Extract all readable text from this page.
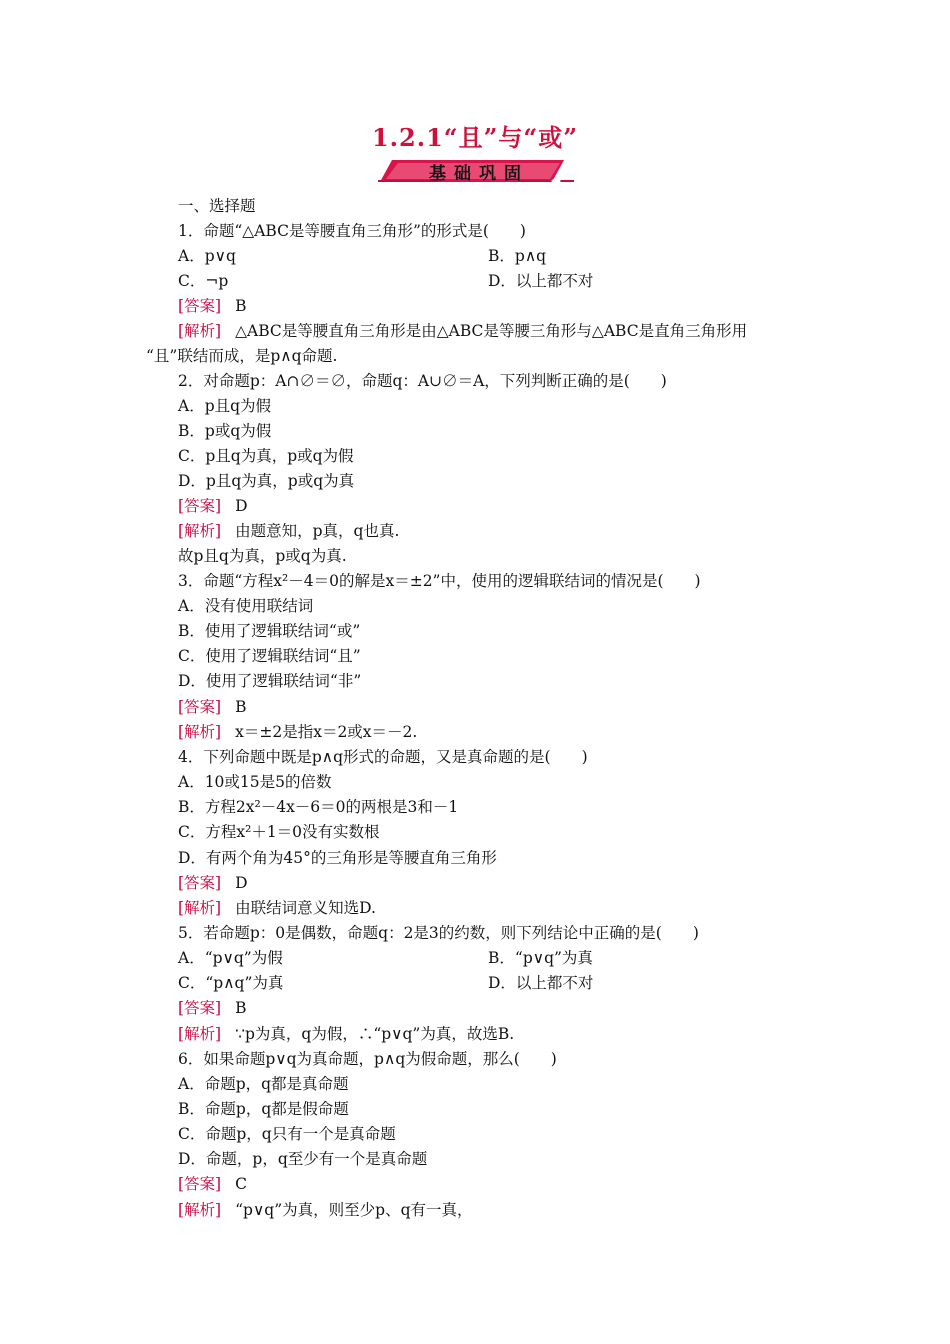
1.2.1“且”与“或”
基础巩固
一、选择题
1．命题“△ABC是等腰直角三角形”的形式是(　　)
A．p∨q	B．p∧q
C．¬p	D．以上都不对
[答案] B
[解析] △ABC是等腰直角三角形是由△ABC是等腰三角形与△ABC是直角三角形用
“且”联结而成，是p∧q命题.
2．对命题p：A∩∅＝∅，命题q：A∪∅＝A，下列判断正确的是(　　)
A．p且q为假
B．p或q为假
C．p且q为真，p或q为假
D．p且q为真，p或q为真
[答案] D
[解析] 由题意知，p真，q也真.
故p且q为真，p或q为真.
3．命题“方程x²－4＝0的解是x＝±2”中，使用的逻辑联结词的情况是(　　)
A．没有使用联结词
B．使用了逻辑联结词“或”
C．使用了逻辑联结词“且”
D．使用了逻辑联结词“非”
[答案] B
[解析] x＝±2是指x＝2或x＝－2.
4．下列命题中既是p∧q形式的命题，又是真命题的是(　　)
A．10或15是5的倍数
B．方程2x²－4x－6＝0的两根是3和－1
C．方程x²＋1＝0没有实数根
D．有两个角为45°的三角形是等腰直角三角形
[答案] D
[解析] 由联结词意义知选D.
5．若命题p：0是偶数，命题q：2是3的约数，则下列结论中正确的是(　　)
A．“p∨q”为假	B．“p∨q”为真
C．“p∧q”为真	D．以上都不对
[答案] B
[解析] ∵p为真，q为假，∴“p∨q”为真，故选B.
6．如果命题p∨q为真命题，p∧q为假命题，那么(　　)
A．命题p，q都是真命题
B．命题p，q都是假命题
C．命题p，q只有一个是真命题
D．命题，p，q至少有一个是真命题
[答案] C
[解析] “p∨q”为真，则至少p、q有一真，
